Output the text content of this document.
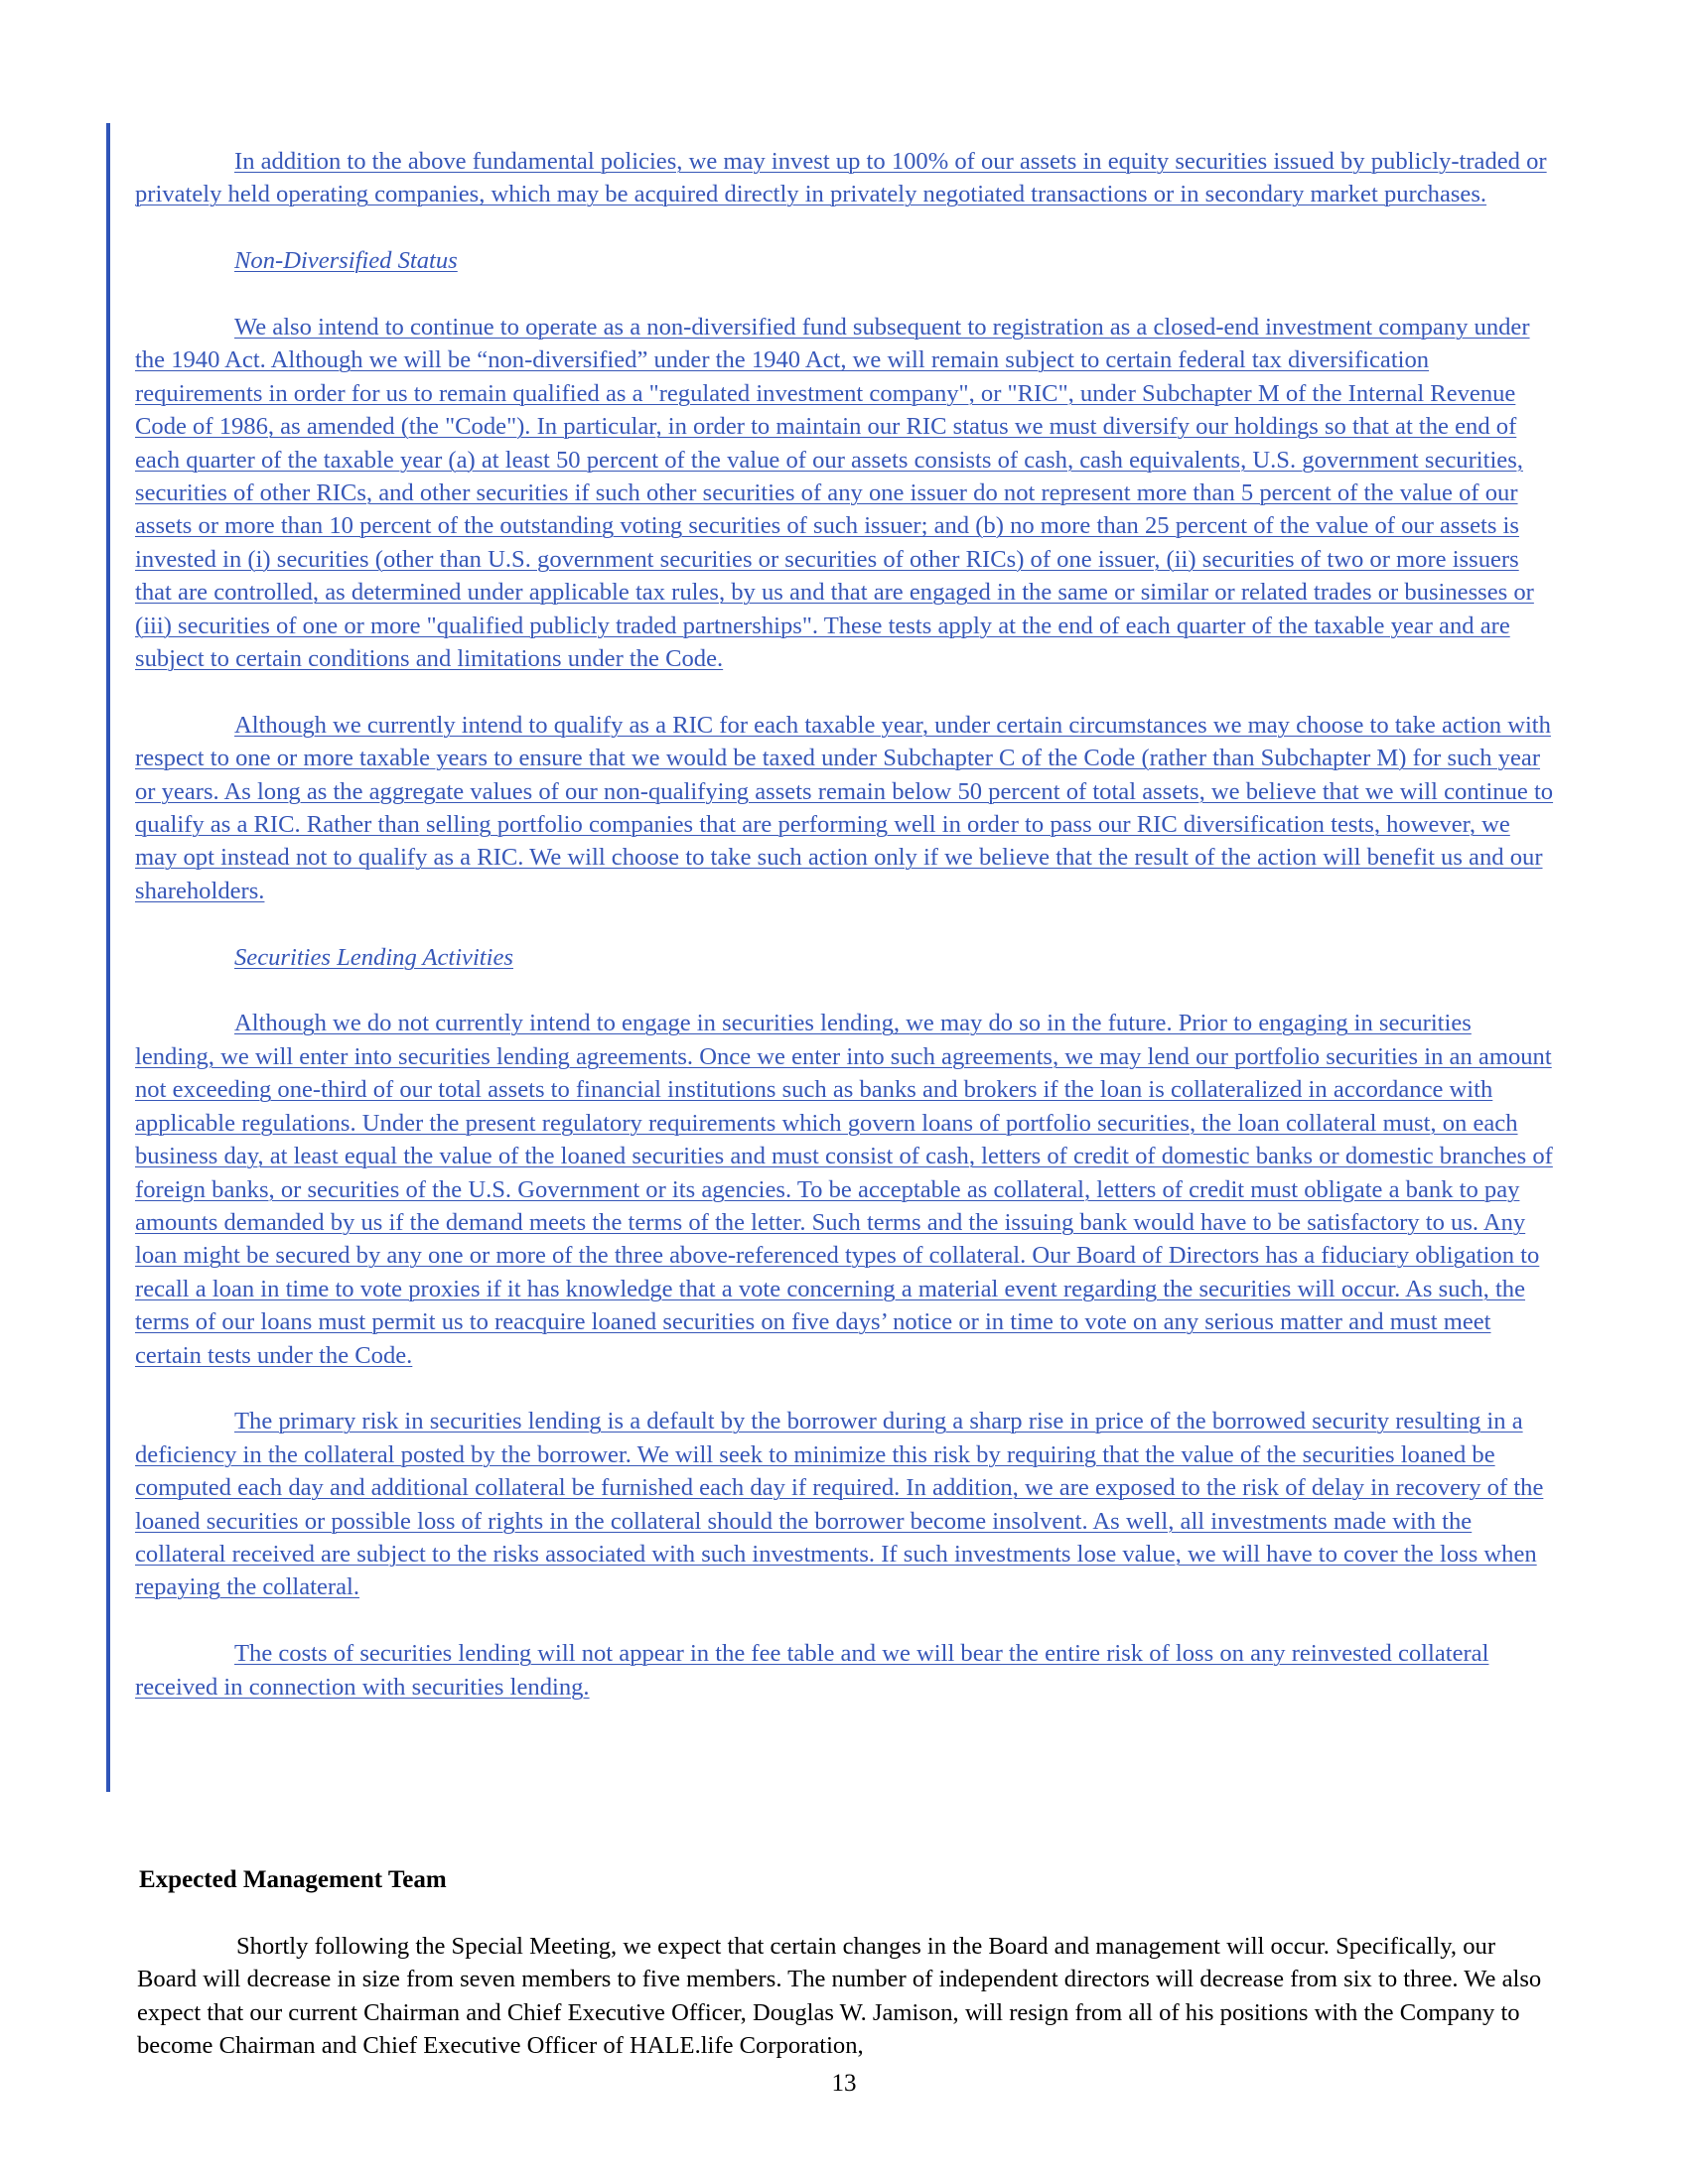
In addition to the above fundamental policies, we may invest up to 100% of our assets in equity securities issued by publicly-traded or privately held operating companies, which may be acquired directly in privately negotiated transactions or in secondary market purchases.

Non-Diversified Status

We also intend to continue to operate as a non-diversified fund subsequent to registration as a closed-end investment company under the 1940 Act. Although we will be “non-diversified” under the 1940 Act, we will remain subject to certain federal tax diversification requirements in order for us to remain qualified as a "regulated investment company", or "RIC", under Subchapter M of the Internal Revenue Code of 1986, as amended (the "Code"). In particular, in order to maintain our RIC status we must diversify our holdings so that at the end of each quarter of the taxable year (a) at least 50 percent of the value of our assets consists of cash, cash equivalents, U.S. government securities, securities of other RICs, and other securities if such other securities of any one issuer do not represent more than 5 percent of the value of our assets or more than 10 percent of the outstanding voting securities of such issuer; and (b) no more than 25 percent of the value of our assets is invested in (i) securities (other than U.S. government securities or securities of other RICs) of one issuer, (ii) securities of two or more issuers that are controlled, as determined under applicable tax rules, by us and that are engaged in the same or similar or related trades or businesses or (iii) securities of one or more "qualified publicly traded partnerships". These tests apply at the end of each quarter of the taxable year and are subject to certain conditions and limitations under the Code.

Although we currently intend to qualify as a RIC for each taxable year, under certain circumstances we may choose to take action with respect to one or more taxable years to ensure that we would be taxed under Subchapter C of the Code (rather than Subchapter M) for such year or years. As long as the aggregate values of our non-qualifying assets remain below 50 percent of total assets, we believe that we will continue to qualify as a RIC. Rather than selling portfolio companies that are performing well in order to pass our RIC diversification tests, however, we may opt instead not to qualify as a RIC. We will choose to take such action only if we believe that the result of the action will benefit us and our shareholders.

Securities Lending Activities

Although we do not currently intend to engage in securities lending, we may do so in the future. Prior to engaging in securities lending, we will enter into securities lending agreements. Once we enter into such agreements, we may lend our portfolio securities in an amount not exceeding one-third of our total assets to financial institutions such as banks and brokers if the loan is collateralized in accordance with applicable regulations. Under the present regulatory requirements which govern loans of portfolio securities, the loan collateral must, on each business day, at least equal the value of the loaned securities and must consist of cash, letters of credit of domestic banks or domestic branches of foreign banks, or securities of the U.S. Government or its agencies. To be acceptable as collateral, letters of credit must obligate a bank to pay amounts demanded by us if the demand meets the terms of the letter. Such terms and the issuing bank would have to be satisfactory to us. Any loan might be secured by any one or more of the three above-referenced types of collateral. Our Board of Directors has a fiduciary obligation to recall a loan in time to vote proxies if it has knowledge that a vote concerning a material event regarding the securities will occur. As such, the terms of our loans must permit us to reacquire loaned securities on five days’ notice or in time to vote on any serious matter and must meet certain tests under the Code.

The primary risk in securities lending is a default by the borrower during a sharp rise in price of the borrowed security resulting in a deficiency in the collateral posted by the borrower. We will seek to minimize this risk by requiring that the value of the securities loaned be computed each day and additional collateral be furnished each day if required. In addition, we are exposed to the risk of delay in recovery of the loaned securities or possible loss of rights in the collateral should the borrower become insolvent. As well, all investments made with the collateral received are subject to the risks associated with such investments. If such investments lose value, we will have to cover the loss when repaying the collateral.

The costs of securities lending will not appear in the fee table and we will bear the entire risk of loss on any reinvested collateral received in connection with securities lending.

Expected Management Team

Shortly following the Special Meeting, we expect that certain changes in the Board and management will occur. Specifically, our Board will decrease in size from seven members to five members. The number of independent directors will decrease from six to three. We also expect that our current Chairman and Chief Executive Officer, Douglas W. Jamison, will resign from all of his positions with the Company to become Chairman and Chief Executive Officer of HALE.life Corporation,

13
